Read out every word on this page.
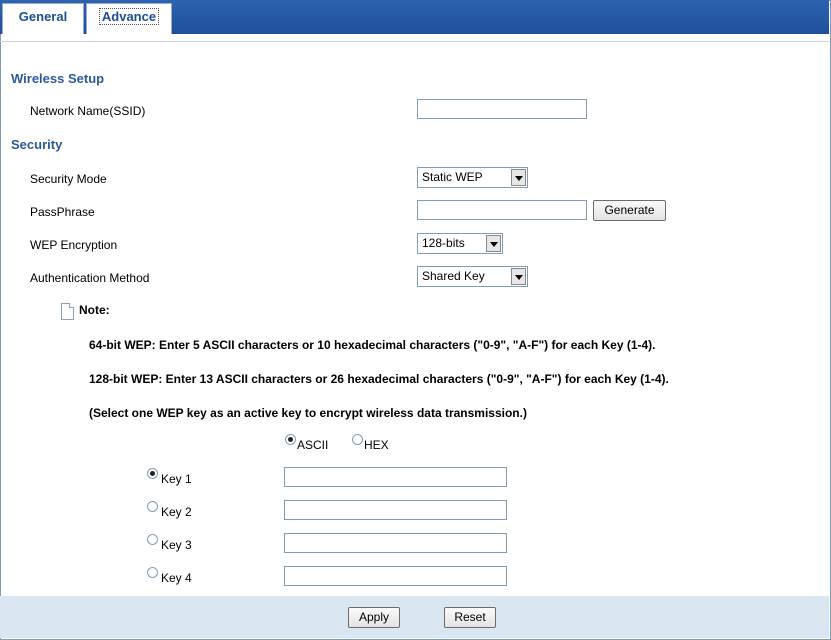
General	Advance
Wireless Setup
Network Name(SSID)
Security
Security Mode	Static WEP
PassPhrase	Generate
WEP Encryption	128-bits
Authentication Method	Shared Key
Note:
64-bit WEP: Enter 5 ASCII characters or 10 hexadecimal characters ("0-9", "A-F") for each Key (1-4).
128-bit WEP: Enter 13 ASCII characters or 26 hexadecimal characters ("0-9", "A-F") for each Key (1-4).
(Select one WEP key as an active key to encrypt wireless data transmission.)
ASCII	HEX
Key 1
Key 2
Key 3
Key 4
Apply	Reset
